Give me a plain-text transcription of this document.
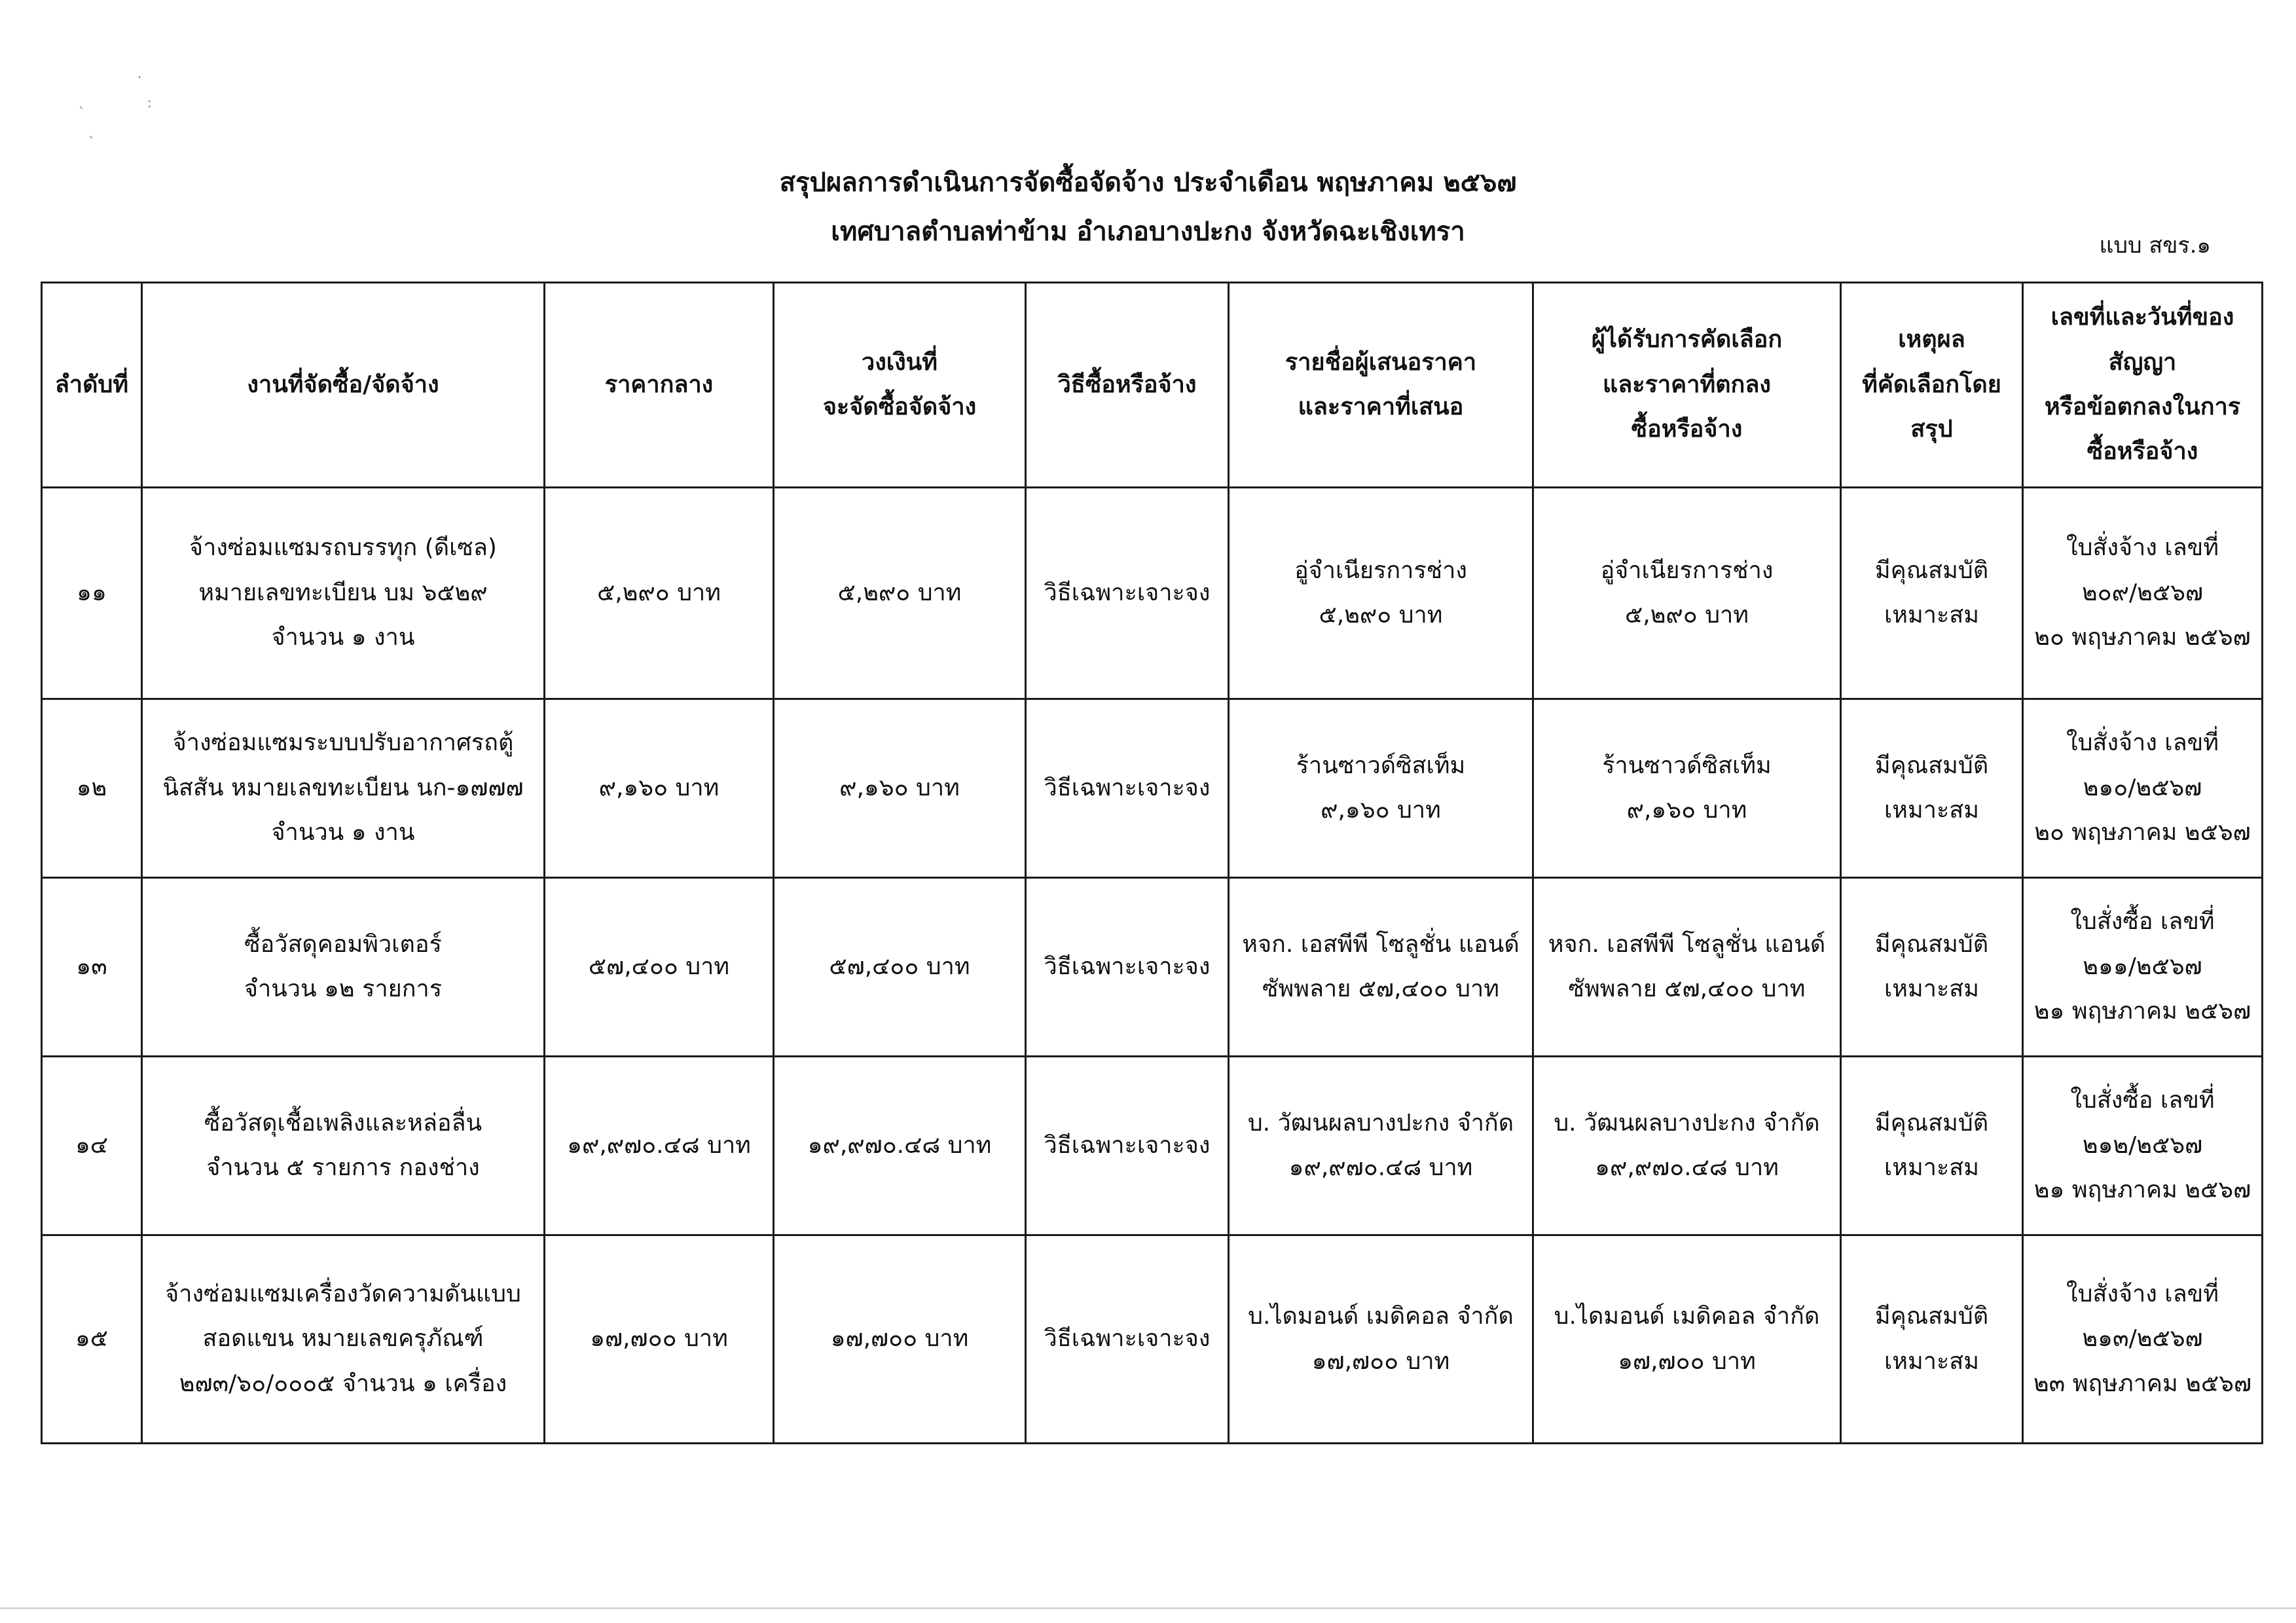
.
:
`
`
สรุปผลการดำเนินการจัดซื้อจัดจ้าง ประจำเดือน พฤษภาคม ๒๕๖๗
เทศบาลตำบลท่าข้าม อำเภอบางปะกง จังหวัดฉะเชิงเทรา	แบบ สขร.๑
ลำดับที่	งานที่จัดซื้อ/จัดจ้าง	ราคากลาง	วงเงินที่
จะจัดซื้อจัดจ้าง	วิธีซื้อหรือจ้าง	รายชื่อผู้เสนอราคา
และราคาที่เสนอ	ผู้ได้รับการคัดเลือก
และราคาที่ตกลง
ซื้อหรือจ้าง	เหตุผล
ที่คัดเลือกโดย
สรุป	เลขที่และวันที่ของ
สัญญา
หรือข้อตกลงในการ
ซื้อหรือจ้าง

๑๑	จ้างซ่อมแซมรถบรรทุก (ดีเซล)
หมายเลขทะเบียน บม ๖๕๒๙
จำนวน ๑ งาน	๕,๒๙๐ บาท	๕,๒๙๐ บาท	วิธีเฉพาะเจาะจง	อู่จำเนียรการช่าง
๕,๒๙๐ บาท	อู่จำเนียรการช่าง
๕,๒๙๐ บาท	มีคุณสมบัติ
เหมาะสม	ใบสั่งจ้าง เลขที่
๒๐๙/๒๕๖๗
๒๐ พฤษภาคม ๒๕๖๗

๑๒	จ้างซ่อมแซมระบบปรับอากาศรถตู้
นิสสัน หมายเลขทะเบียน นก-๑๗๗๗
จำนวน ๑ งาน	๙,๑๖๐ บาท	๙,๑๖๐ บาท	วิธีเฉพาะเจาะจง	ร้านซาวด์ซิสเท็ม
๙,๑๖๐ บาท	ร้านซาวด์ซิสเท็ม
๙,๑๖๐ บาท	มีคุณสมบัติ
เหมาะสม	ใบสั่งจ้าง เลขที่
๒๑๐/๒๕๖๗
๒๐ พฤษภาคม ๒๕๖๗

๑๓	ซื้อวัสดุคอมพิวเตอร์
จำนวน ๑๒ รายการ	๕๗,๔๐๐ บาท	๕๗,๔๐๐ บาท	วิธีเฉพาะเจาะจง	หจก. เอสพีพี โซลูชั่น แอนด์
ซัพพลาย ๕๗,๔๐๐ บาท	หจก. เอสพีพี โซลูชั่น แอนด์
ซัพพลาย ๕๗,๔๐๐ บาท	มีคุณสมบัติ
เหมาะสม	ใบสั่งซื้อ เลขที่
๒๑๑/๒๕๖๗
๒๑ พฤษภาคม ๒๕๖๗

๑๔	ซื้อวัสดุเชื้อเพลิงและหล่อลื่น
จำนวน ๕ รายการ กองช่าง	๑๙,๙๗๐.๔๘ บาท	๑๙,๙๗๐.๔๘ บาท	วิธีเฉพาะเจาะจง	บ. วัฒนผลบางปะกง จำกัด
๑๙,๙๗๐.๔๘ บาท	บ. วัฒนผลบางปะกง จำกัด
๑๙,๙๗๐.๔๘ บาท	มีคุณสมบัติ
เหมาะสม	ใบสั่งซื้อ เลขที่
๒๑๒/๒๕๖๗
๒๑ พฤษภาคม ๒๕๖๗

๑๕	จ้างซ่อมแซมเครื่องวัดความดันแบบ
สอดแขน หมายเลขครุภัณฑ์
๒๗๓/๖๐/๐๐๐๕ จำนวน ๑ เครื่อง	๑๗,๗๐๐ บาท	๑๗,๗๐๐ บาท	วิธีเฉพาะเจาะจง	บ.ไดมอนด์ เมดิคอล จำกัด
๑๗,๗๐๐ บาท	บ.ไดมอนด์ เมดิคอล จำกัด
๑๗,๗๐๐ บาท	มีคุณสมบัติ
เหมาะสม	ใบสั่งจ้าง เลขที่
๒๑๓/๒๕๖๗
๒๓ พฤษภาคม ๒๕๖๗
